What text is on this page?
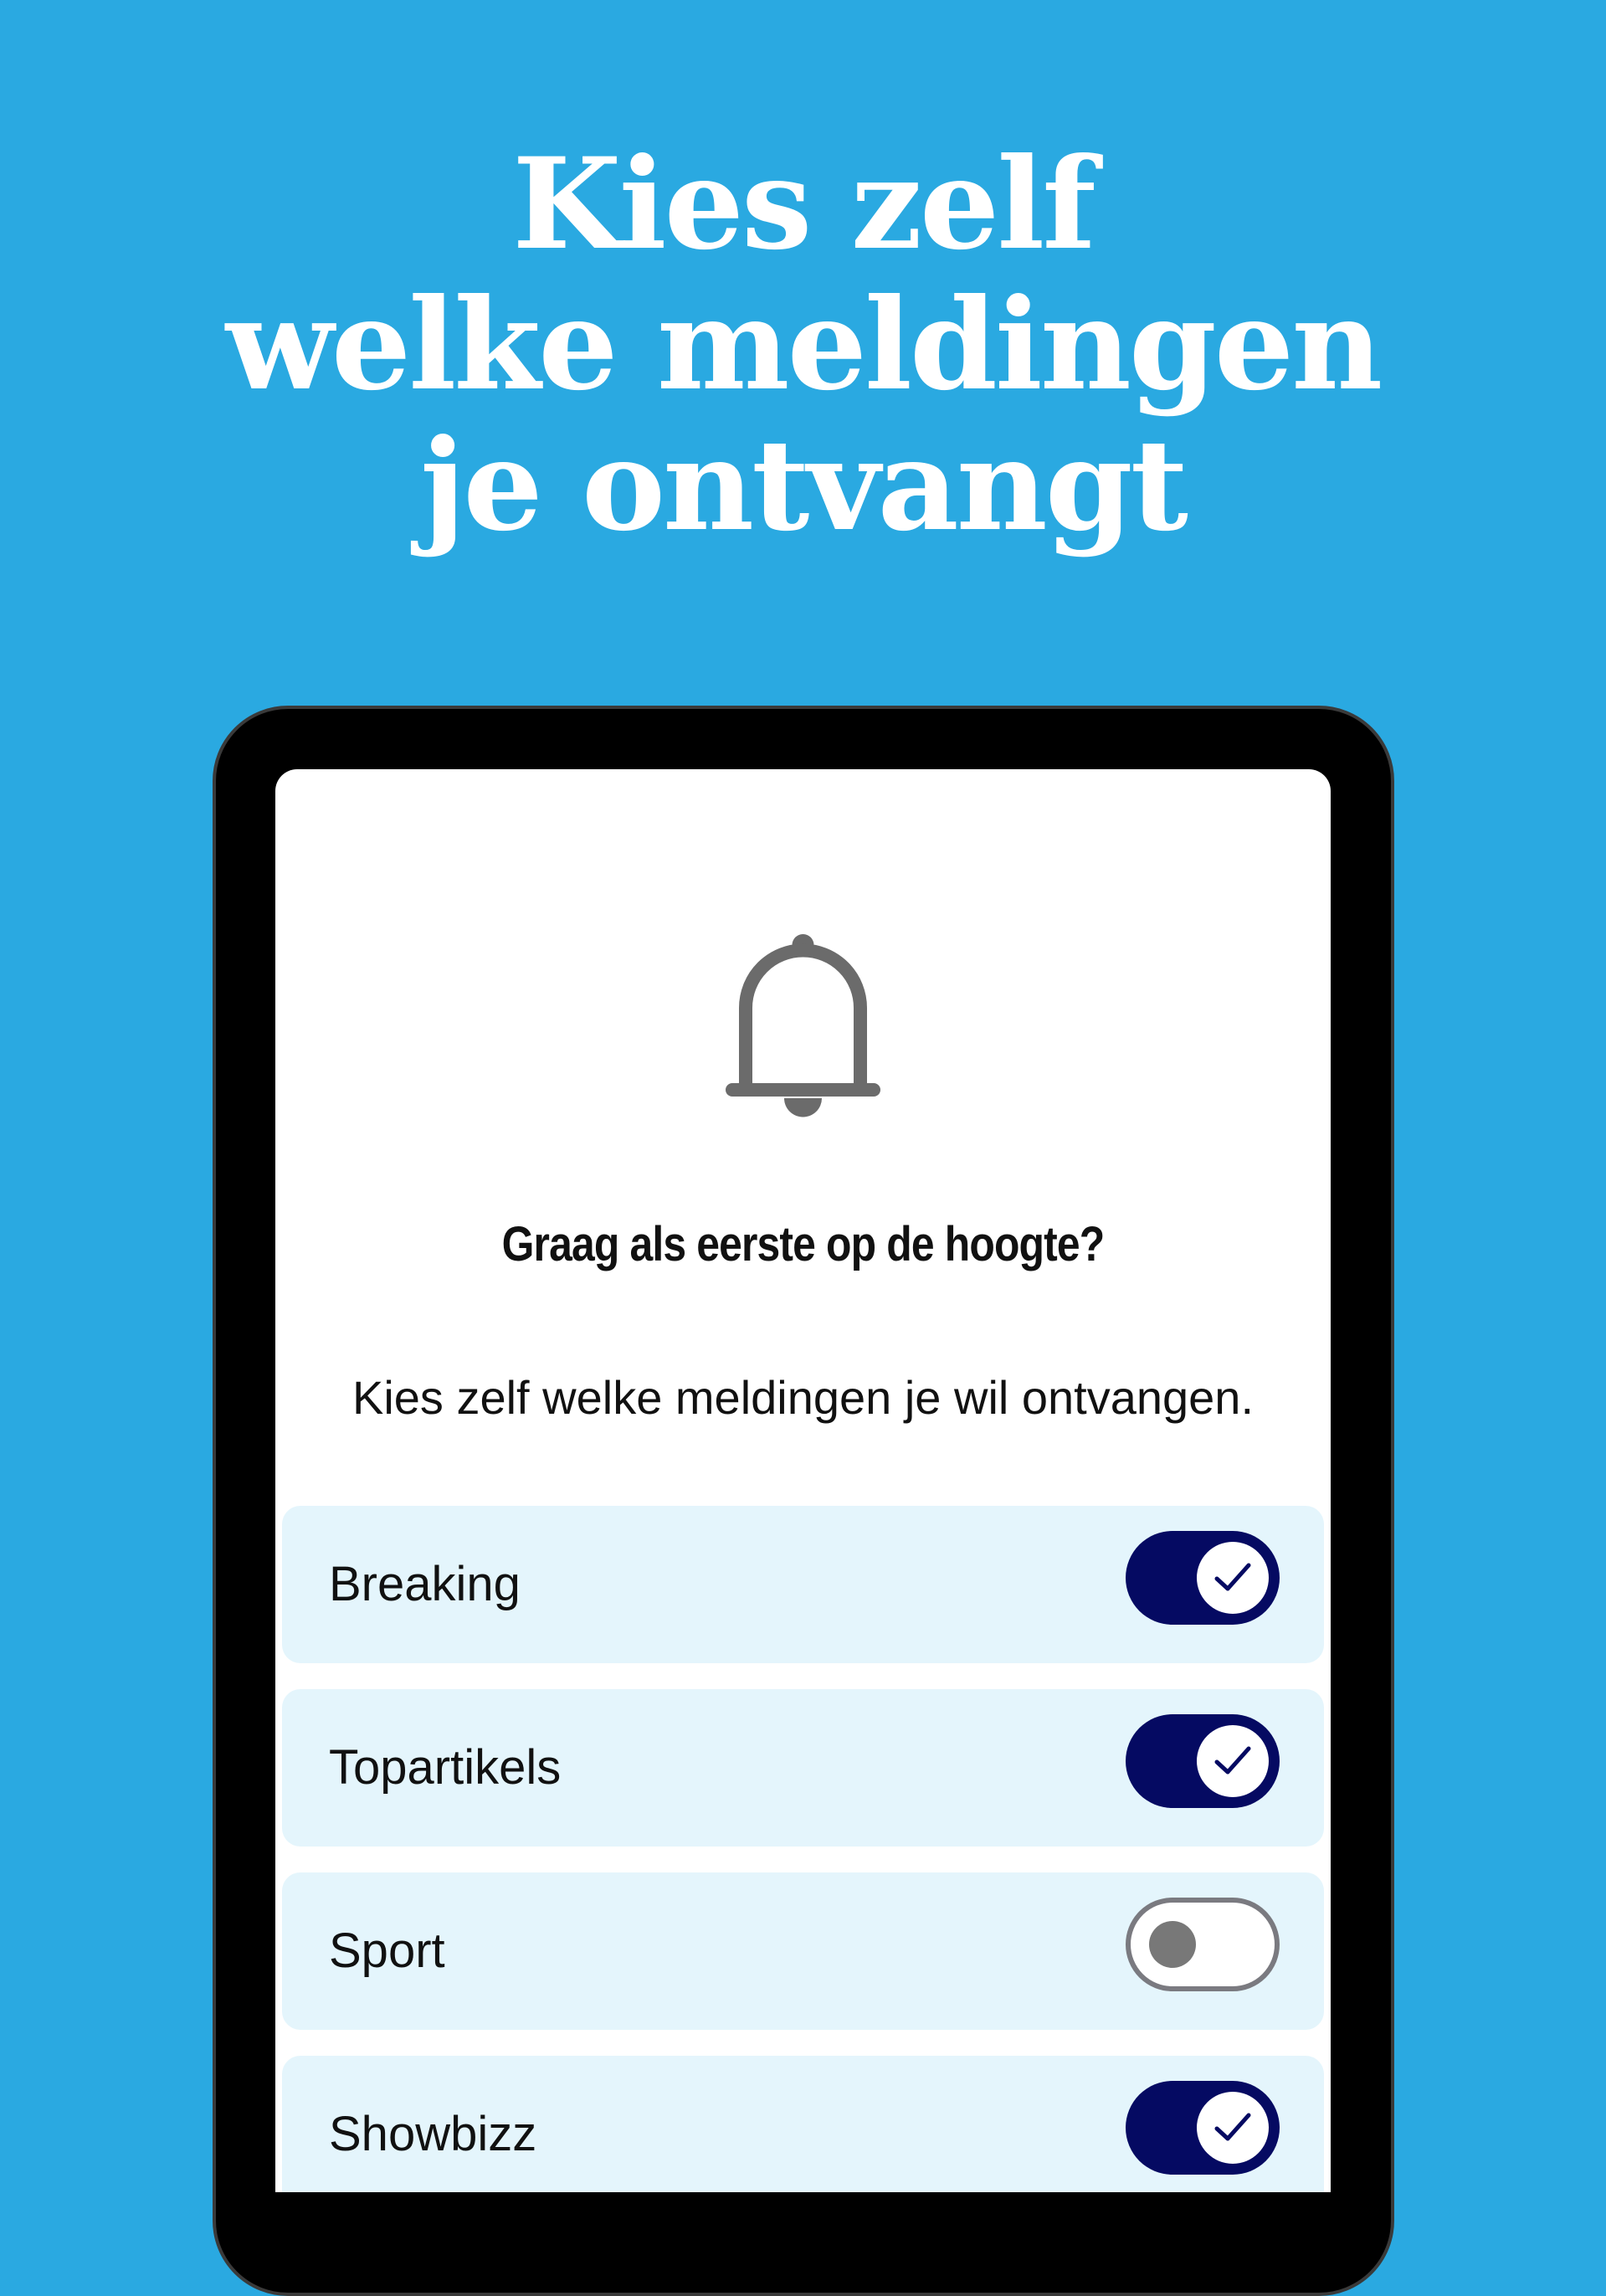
Kies zelf
welke meldingen
je ontvangt
Graag als eerste op de hoogte?
Kies zelf welke meldingen je wil ontvangen.
Breaking
Topartikels
Sport
Showbizz
